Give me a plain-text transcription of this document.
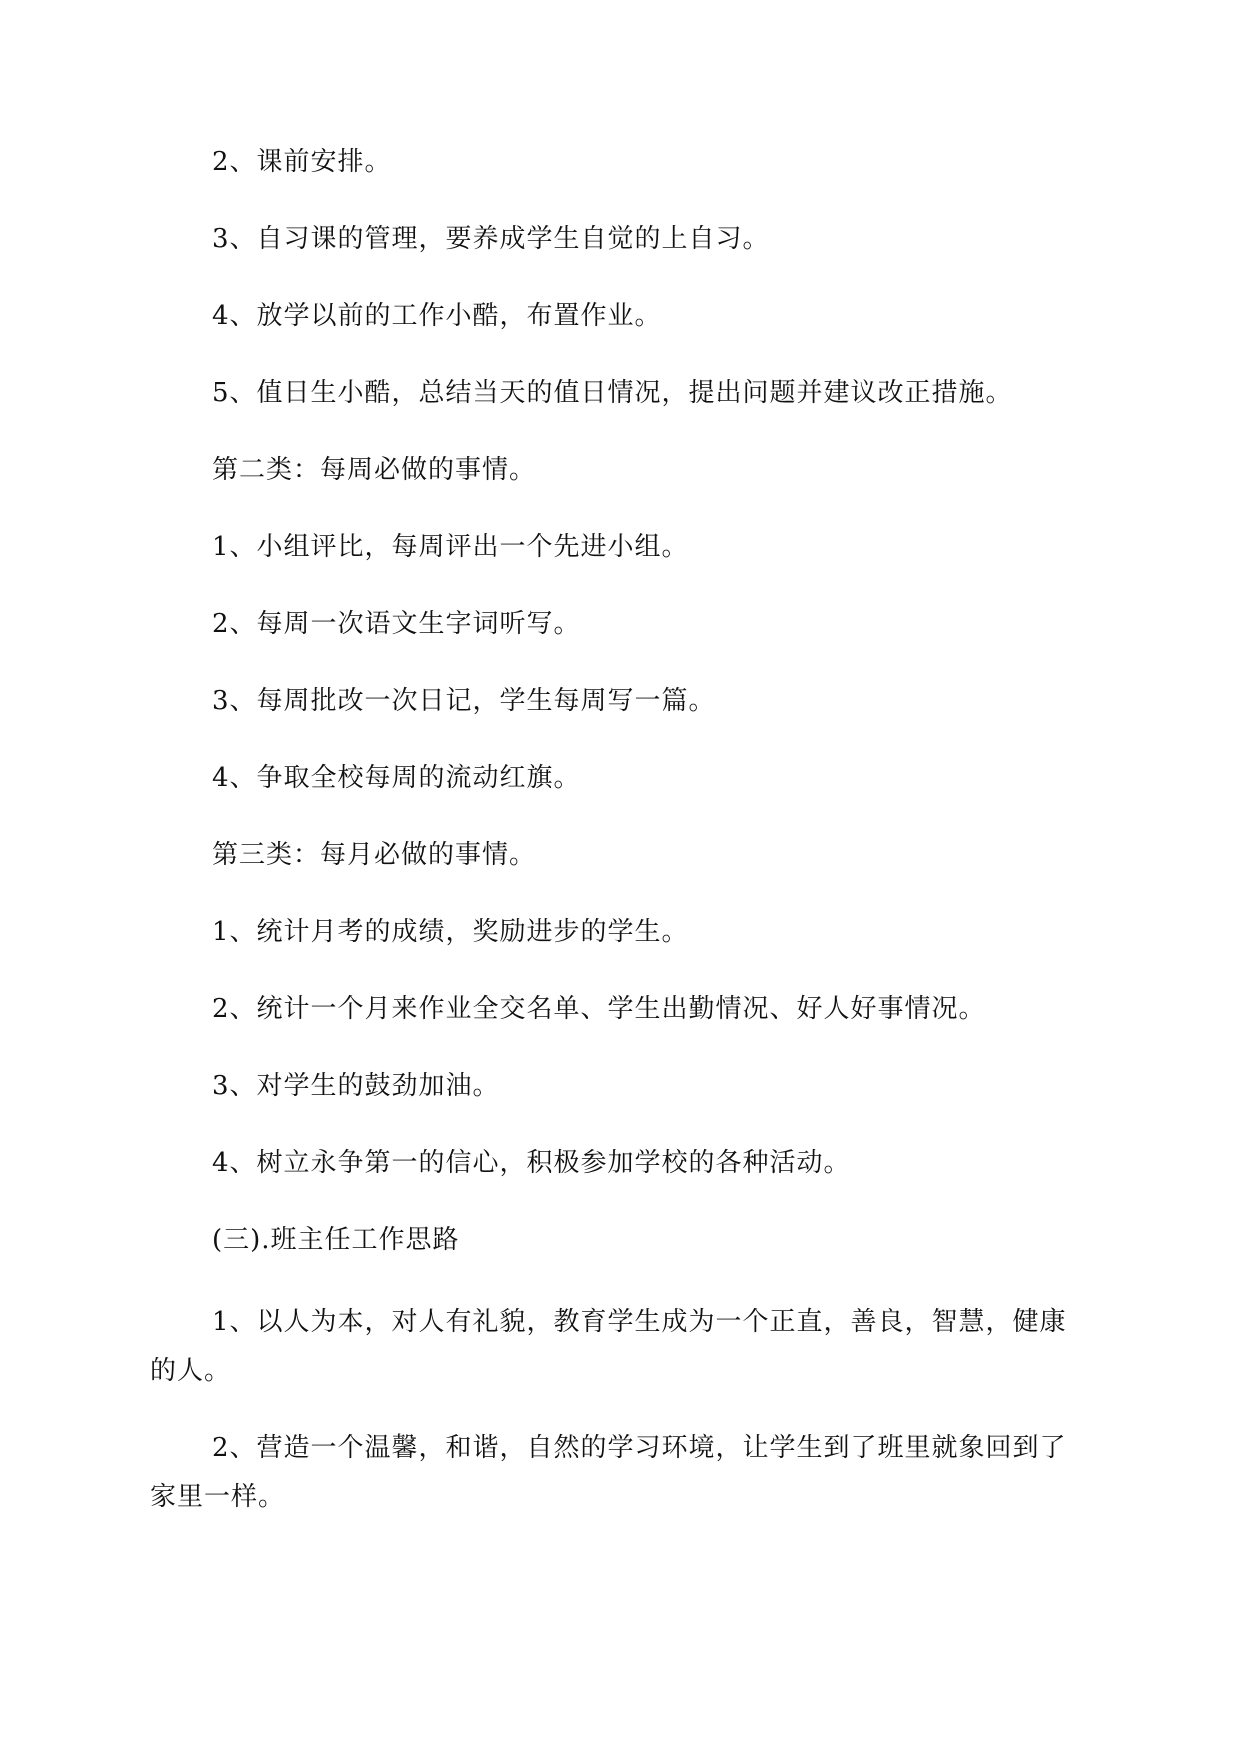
2、课前安排。

3、自习课的管理，要养成学生自觉的上自习。

4、放学以前的工作小酷，布置作业。

5、值日生小酷，总结当天的值日情况，提出问题并建议改正措施。

第二类：每周必做的事情。

1、小组评比，每周评出一个先进小组。

2、每周一次语文生字词听写。

3、每周批改一次日记，学生每周写一篇。

4、争取全校每周的流动红旗。

第三类：每月必做的事情。

1、统计月考的成绩，奖励进步的学生。

2、统计一个月来作业全交名单、学生出勤情况、好人好事情况。

3、对学生的鼓劲加油。

4、树立永争第一的信心，积极参加学校的各种活动。

(三).班主任工作思路

1、以人为本，对人有礼貌，教育学生成为一个正直，善良，智慧，健康的人。

2、营造一个温馨，和谐，自然的学习环境，让学生到了班里就象回到了家里一样。
